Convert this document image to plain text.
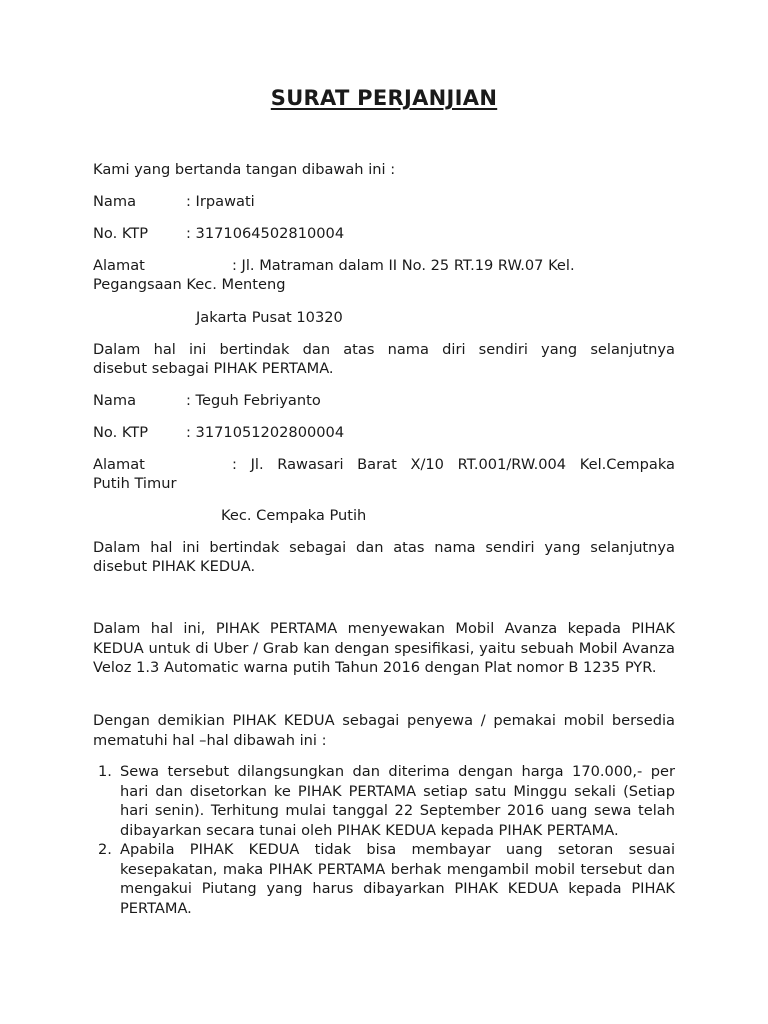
SURAT PERJANJIAN
Kami yang bertanda tangan dibawah ini :
Nama	: Irpawati
No. KTP	: 3171064502810004
Alamat	: Jl. Matraman dalam II No. 25 RT.19 RW.07 Kel.
Pegangsaan Kec. Menteng
Jakarta Pusat 10320
Dalam hal ini bertindak dan atas nama diri sendiri yang selanjutnya
disebut sebagai PIHAK PERTAMA.
Nama	: Teguh Febriyanto
No. KTP	: 3171051202800004
Alamat	: Jl. Rawasari Barat X/10 RT.001/RW.004 Kel.Cempaka
Putih Timur
Kec. Cempaka Putih
Dalam hal ini bertindak sebagai dan atas nama sendiri yang selanjutnya
disebut PIHAK KEDUA.
Dalam hal ini, PIHAK PERTAMA menyewakan Mobil Avanza kepada PIHAK KEDUA untuk di Uber / Grab kan dengan spesifikasi, yaitu sebuah Mobil Avanza Veloz 1.3 Automatic warna putih Tahun 2016 dengan Plat nomor B 1235 PYR.
Dengan demikian PIHAK KEDUA sebagai penyewa / pemakai mobil bersedia mematuhi hal –hal dibawah ini :
1. Sewa tersebut dilangsungkan dan diterima dengan harga 170.000,- per hari dan disetorkan ke PIHAK PERTAMA setiap satu Minggu sekali (Setiap hari senin). Terhitung mulai tanggal 22 September 2016 uang sewa telah dibayarkan secara tunai oleh PIHAK KEDUA kepada PIHAK PERTAMA.
2. Apabila PIHAK KEDUA tidak bisa membayar uang setoran sesuai kesepakatan, maka PIHAK PERTAMA berhak mengambil mobil tersebut dan mengakui Piutang yang harus dibayarkan PIHAK KEDUA kepada PIHAK PERTAMA.
